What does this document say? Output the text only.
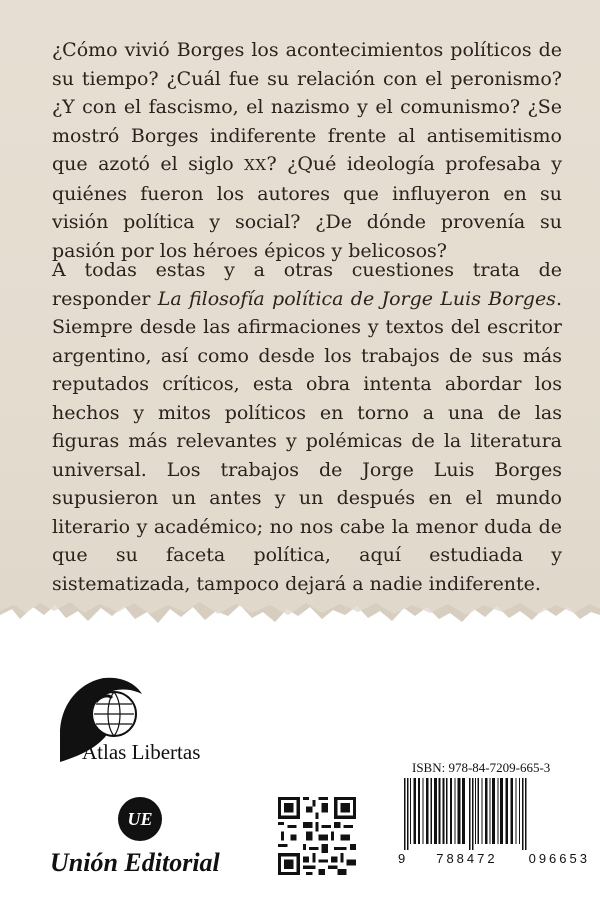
¿Cómo vivió Borges los acontecimientos políticos de su tiempo? ¿Cuál fue su relación con el peronismo? ¿Y con el fascismo, el nazismo y el comunismo? ¿Se mostró Borges indiferente frente al antisemitismo que azotó el siglo XX? ¿Qué ideología profesaba y quiénes fueron los autores que influyeron en su visión política y social? ¿De dónde provenía su pasión por los héroes épicos y belicosos?

A todas estas y a otras cuestiones trata de responder La filosofía política de Jorge Luis Borges. Siempre desde las afirmaciones y textos del escritor argentino, así como desde los trabajos de sus más reputados críticos, esta obra intenta abordar los hechos y mitos políticos en torno a una de las figuras más relevantes y polémicas de la literatura universal. Los trabajos de Jorge Luis Borges supusieron un antes y un después en el mundo literario y académico; no nos cabe la menor duda de que su faceta política, aquí estudiada y sistematizada, tampoco dejará a nadie indiferente.

Atlas Libertas
UE
Unión Editorial
ISBN: 978-84-7209-665-3
9 788472 096653
